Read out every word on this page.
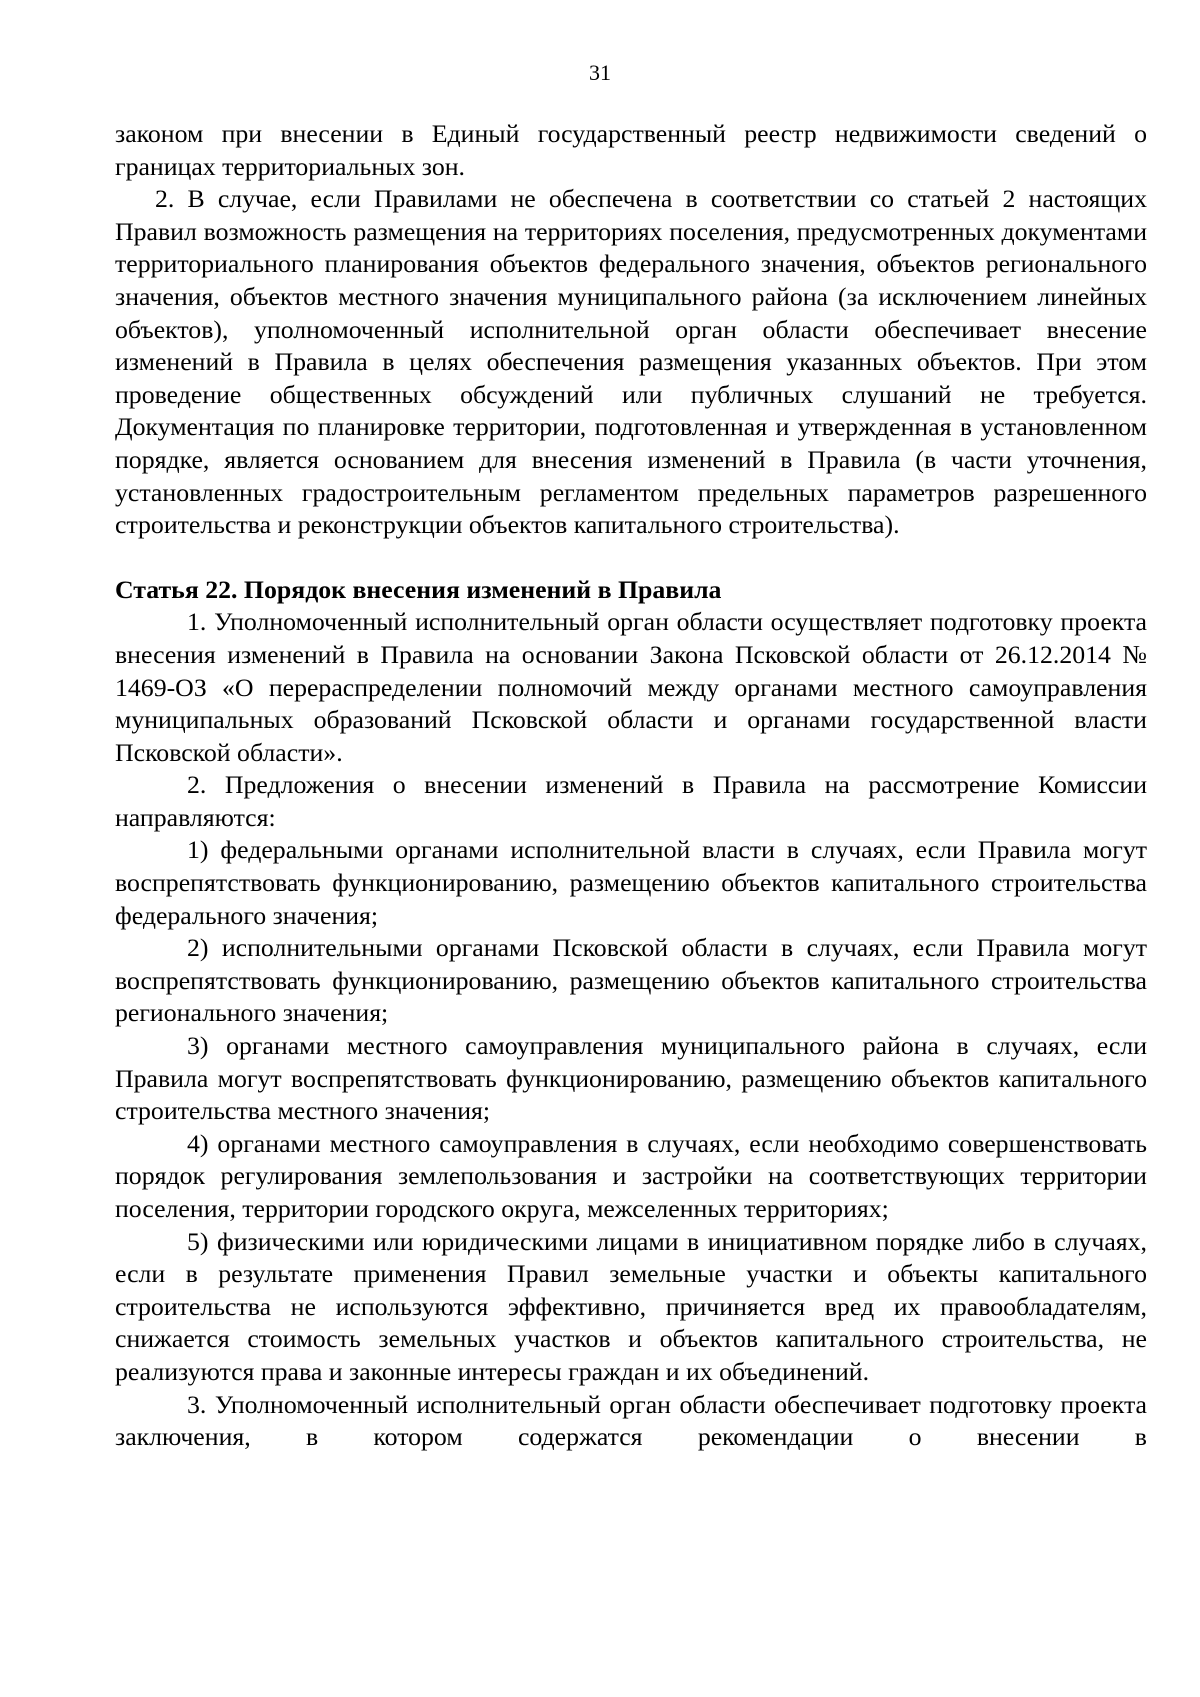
31

законом при внесении в Единый государственный реестр недвижимости сведений о границах территориальных зон.

2. В случае, если Правилами не обеспечена в соответствии со статьей 2 настоящих Правил возможность размещения на территориях поселения, предусмотренных документами территориального планирования объектов федерального значения, объектов регионального значения, объектов местного значения муниципального района (за исключением линейных объектов), уполномоченный исполнительной орган области обеспечивает внесение изменений в Правила в целях обеспечения размещения указанных объектов. При этом проведение общественных обсуждений или публичных слушаний не требуется. Документация по планировке территории, подготовленная и утвержденная в установленном порядке, является основанием для внесения изменений в Правила (в части уточнения, установленных градостроительным регламентом предельных параметров разрешенного строительства и реконструкции объектов капитального строительства).

Статья 22. Порядок внесения изменений в Правила

1. Уполномоченный исполнительный орган области осуществляет подготовку проекта внесения изменений в Правила на основании Закона Псковской области от 26.12.2014 № 1469-ОЗ «О перераспределении полномочий между органами местного самоуправления муниципальных образований Псковской области и органами государственной власти Псковской области».

2. Предложения о внесении изменений в Правила на рассмотрение Комиссии направляются:

1) федеральными органами исполнительной власти в случаях, если Правила могут воспрепятствовать функционированию, размещению объектов капитального строительства федерального значения;

2) исполнительными органами Псковской области в случаях, если Правила могут воспрепятствовать функционированию, размещению объектов капитального строительства регионального значения;

3) органами местного самоуправления муниципального района в случаях, если Правила могут воспрепятствовать функционированию, размещению объектов капитального строительства местного значения;

4) органами местного самоуправления в случаях, если необходимо совершенствовать порядок регулирования землепользования и застройки на соответствующих территории поселения, территории городского округа, межселенных территориях;

5) физическими или юридическими лицами в инициативном порядке либо в случаях, если в результате применения Правил земельные участки и объекты капитального строительства не используются эффективно, причиняется вред их правообладателям, снижается стоимость земельных участков и объектов капитального строительства, не реализуются права и законные интересы граждан и их объединений.

3. Уполномоченный исполнительный орган области обеспечивает подготовку проекта заключения, в котором содержатся рекомендации о внесении в
